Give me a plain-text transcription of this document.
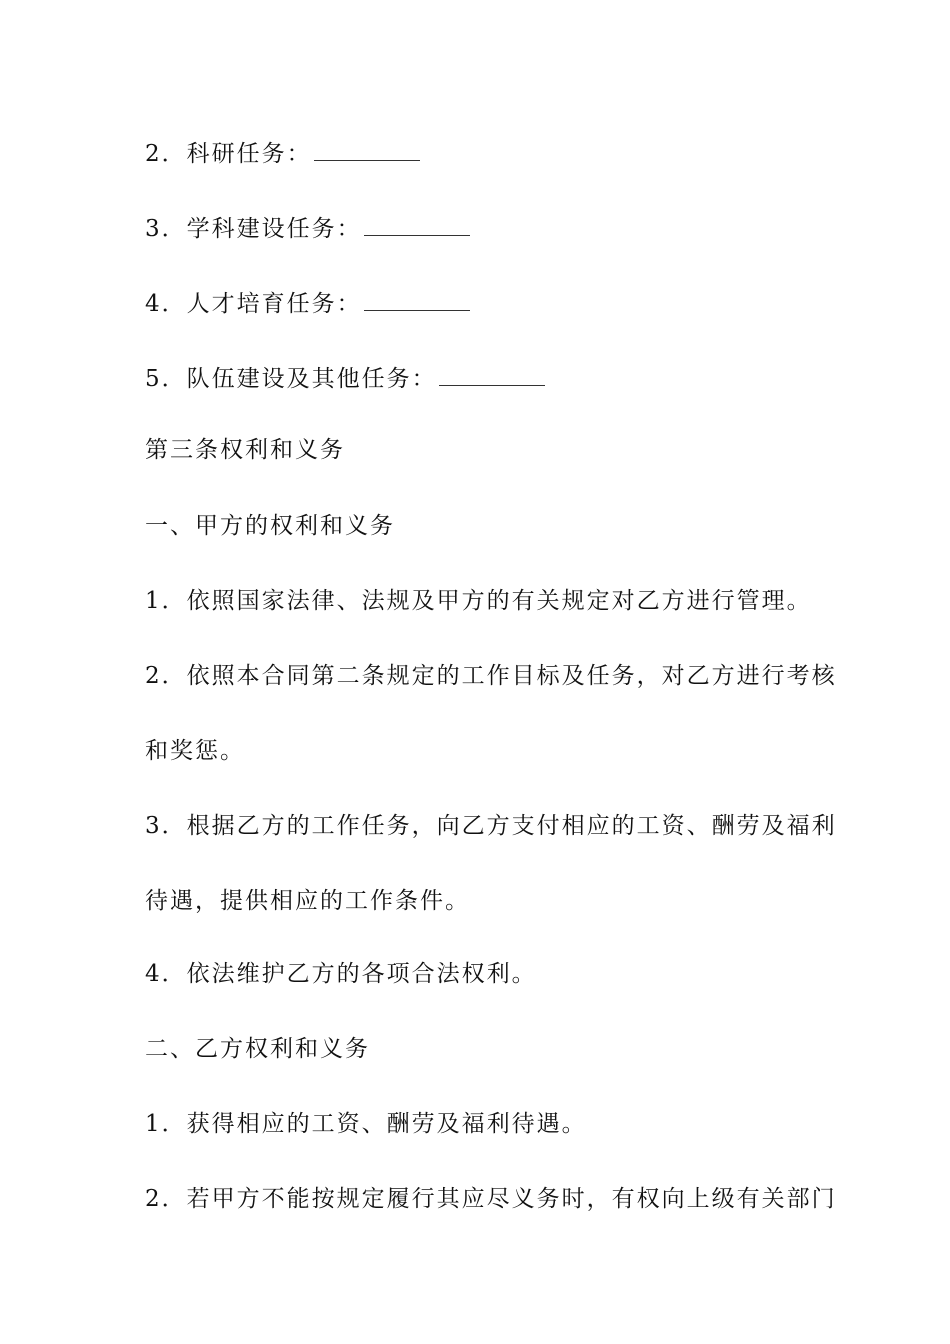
2．科研任务：
3．学科建设任务：
4．人才培育任务：
5．队伍建设及其他任务：
第三条权利和义务
一、甲方的权利和义务
1．依照国家法律、法规及甲方的有关规定对乙方进行管理。
2．依照本合同第二条规定的工作目标及任务，对乙方进行考核
和奖惩。
3．根据乙方的工作任务，向乙方支付相应的工资、酬劳及福利
待遇，提供相应的工作条件。
4．依法维护乙方的各项合法权利。
二、乙方权利和义务
1．获得相应的工资、酬劳及福利待遇。
2．若甲方不能按规定履行其应尽义务时，有权向上级有关部门
